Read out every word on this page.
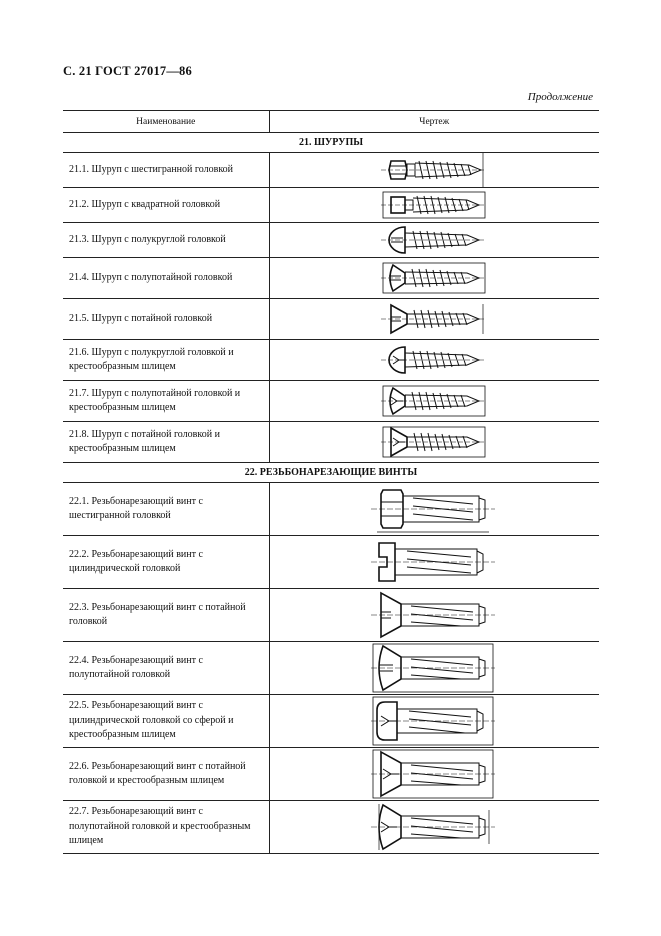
С. 21 ГОСТ 27017—86
Продолжение
Наименование	Чертеж
21. ШУРУПЫ	
21.1. Шуруп с шестигранной головкой	

21.2. Шуруп с квадратной головкой	

21.3. Шуруп с полукруглой головкой	

21.4. Шуруп с полупотайной головкой	

21.5. Шуруп с потайной головкой	

21.6. Шуруп с полукруглой головкой и крестообразным шлицем	

21.7. Шуруп с полупотайной головкой и крестообразным шлицем	

21.8. Шуруп с потайной головкой и крестообразным шлицем	

22. РЕЗЬБОНАРЕЗАЮЩИЕ ВИНТЫ	
22.1. Резьбонарезающий винт с шестигранной головкой	

22.2. Резьбонарезающий винт с цилиндрической головкой	

22.3. Резьбонарезающий винт с потайной головкой	

22.4. Резьбонарезающий винт с полупотайной головкой	

22.5. Резьбонарезающий винт с цилиндрической головкой со сферой и крестообразным шлицем	

22.6. Резьбонарезающий винт с потайной головкой и крестообразным шлицем	

22.7. Резьбонарезающий винт с полупотайной головкой и крестообразным шлицем	
